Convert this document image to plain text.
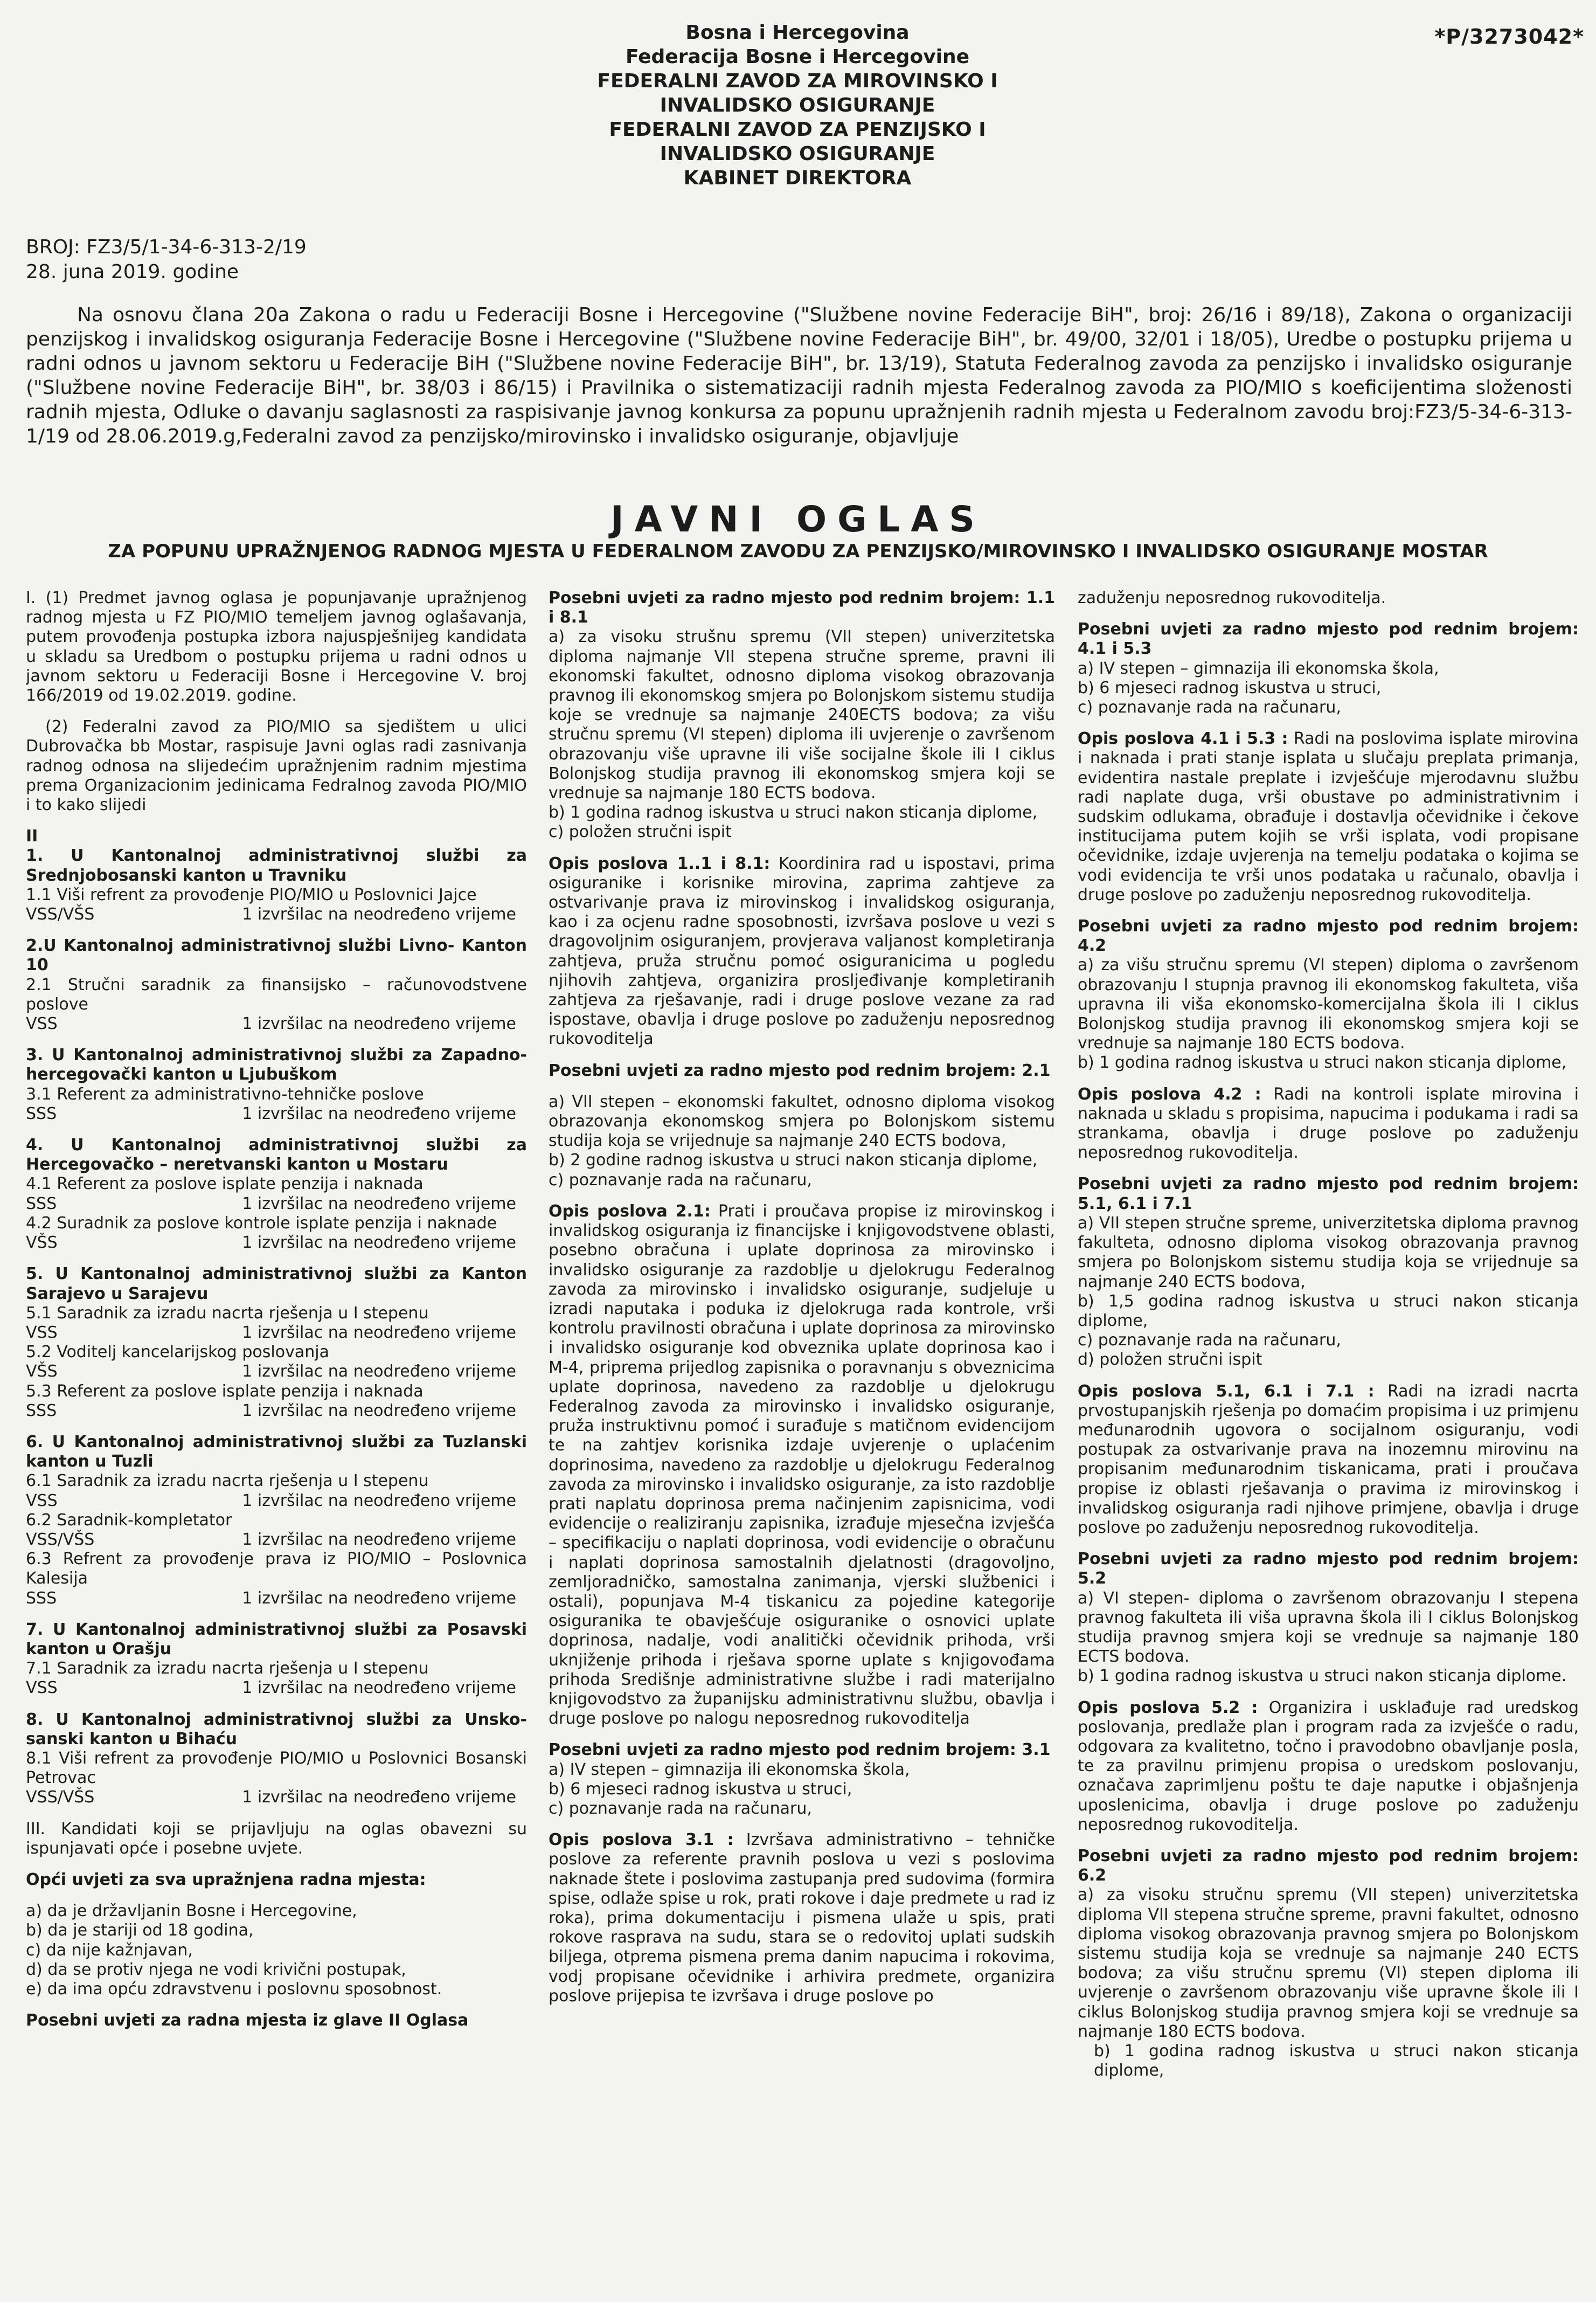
Bosna i Hercegovina
Federacija Bosne i Hercegovine
FEDERALNI ZAVOD ZA MIROVINSKO I
INVALIDSKO OSIGURANJE
FEDERALNI ZAVOD ZA PENZIJSKO I
INVALIDSKO OSIGURANJE
KABINET DIREKTORA
*P/3273042*
BROJ: FZ3/5/1-34-6-313-2/19
28. juna 2019. godine
Na osnovu člana 20a Zakona o radu u Federaciji Bosne i Hercegovine ("Službene novine Federacije BiH", broj: 26/16 i 89/18), Zakona o organizaciji penzijskog i invalidskog osiguranja Federacije Bosne i Hercegovine ("Službene novine Federacije BiH", br. 49/00, 32/01 i 18/05), Uredbe o postupku prijema u radni odnos u javnom sektoru u Federacije BiH ("Službene novine Federacije BiH", br. 13/19), Statuta Federalnog zavoda za penzijsko i invalidsko osiguranje ("Službene novine Federacije BiH", br. 38/03 i 86/15) i Pravilnika o sistematizaciji radnih mjesta Federalnog zavoda za PIO/MIO s koeficijentima složenosti radnih mjesta, Odluke o davanju saglasnosti za raspisivanje javnog konkursa za popunu upražnjenih radnih mjesta u Federalnom zavodu broj:FZ3/5-34-6-313-1/19 od 28.06.2019.g,Federalni zavod za penzijsko/mirovinsko i invalidsko osiguranje, objavljuje
JAVNI OGLAS
ZA POPUNU UPRAŽNJENOG RADNOG MJESTA U FEDERALNOM ZAVODU ZA PENZIJSKO/MIROVINSKO I INVALIDSKO OSIGURANJE MOSTAR

I. (1) Predmet javnog oglasa je popunjavanje upražnjenog radnog mjesta u FZ PIO/MIO temeljem javnog oglašavanja, putem provođenja postupka izbora najuspješnijeg kandidata u skladu sa Uredbom o postupku prijema u radni odnos u javnom sektoru u Federaciji Bosne i Hercegovine V. broj 166/2019 od 19.02.2019. godine.

(2) Federalni zavod za PIO/MIO sa sjedištem u ulici Dubrovačka bb Mostar, raspisuje Javni oglas radi zasnivanja radnog odnosa na slijedećim upražnjenim radnim mjestima prema Organizacionim jedinicama Fedralnog zavoda PIO/MIO i to kako slijedi

II

1. U Kantonalnoj administrativnoj službi za Srednjobosanski kanton u Travniku

1.1 Viši refrent za provođenje PIO/MIO u Poslovnici Jajce

VSS/VŠS	1 izvršilac na neodređeno vrijeme

2.U Kantonalnoj administrativnoj službi Livno- Kanton 10

2.1 Stručni saradnik za finansijsko – računovodstvene poslove

VSS	1 izvršilac na neodređeno vrijeme

3. U Kantonalnoj administrativnoj službi za Zapadno-hercegovački kanton u Ljubuškom

3.1 Referent za administrativno-tehničke poslove

SSS	1 izvršilac na neodređeno vrijeme

4. U Kantonalnoj administrativnoj službi za Hercegovačko – neretvanski kanton u Mostaru

4.1 Referent za poslove isplate penzija i naknada

SSS	1 izvršilac na neodređeno vrijeme

4.2 Suradnik za poslove kontrole isplate penzija i naknade

VŠS	1 izvršilac na neodređeno vrijeme

5. U Kantonalnoj administrativnoj službi za Kanton Sarajevo u Sarajevu

5.1 Saradnik za izradu nacrta rješenja u I stepenu

VSS	1 izvršilac na neodređeno vrijeme

5.2 Voditelj kancelarijskog poslovanja

VŠS	1 izvršilac na neodređeno vrijeme

5.3 Referent za poslove isplate penzija i naknada

SSS	1 izvršilac na neodređeno vrijeme

6. U Kantonalnoj administrativnoj službi za Tuzlanski kanton u Tuzli

6.1 Saradnik za izradu nacrta rješenja u I stepenu

VSS	1 izvršilac na neodređeno vrijeme

6.2 Saradnik-kompletator

VSS/VŠS	1 izvršilac na neodređeno vrijeme

6.3 Refrent za provođenje prava iz PIO/MIO – Poslovnica Kalesija

SSS	1 izvršilac na neodređeno vrijeme

7. U Kantonalnoj administrativnoj službi za Posavski kanton u Orašju

7.1 Saradnik za izradu nacrta rješenja u I stepenu

VSS	1 izvršilac na neodređeno vrijeme

8. U Kantonalnoj administrativnoj službi za Unsko-sanski kanton u Bihaću

8.1 Viši refrent za provođenje PIO/MIO u Poslovnici Bosanski Petrovac

VSS/VŠS	1 izvršilac na neodređeno vrijeme

III. Kandidati koji se prijavljuju na oglas obavezni su ispunjavati opće i posebne uvjete.

Opći uvjeti za sva upražnjena radna mjesta:

a) da je državljanin Bosne i Hercegovine,

b) da je stariji od 18 godina,

c) da nije kažnjavan,

d) da se protiv njega ne vodi krivični postupak,

e) da ima opću zdravstvenu i poslovnu sposobnost.

Posebni uvjeti za radna mjesta iz glave II Oglasa

Posebni uvjeti za radno mjesto pod rednim brojem: 1.1 i 8.1

a) za visoku strušnu spremu (VII stepen) univerzitetska diploma najmanje VII stepena stručne spreme, pravni ili ekonomski fakultet, odnosno diploma visokog obrazovanja pravnog ili ekonomskog smjera po Bolonjskom sistemu studija koje se vrednuje sa najmanje 240ECTS bodova; za višu stručnu spremu (VI stepen) diploma ili uvjerenje o završenom obrazovanju više upravne ili više socijalne škole ili I ciklus Bolonjskog studija pravnog ili ekonomskog smjera koji se vrednuje sa najmanje 180 ECTS bodova.

b) 1 godina radnog iskustva u struci nakon sticanja diplome,

c) položen stručni ispit

Opis poslova 1..1 i 8.1: Koordinira rad u ispostavi, prima osiguranike i korisnike mirovina, zaprima zahtjeve za ostvarivanje prava iz mirovinskog i invalidskog osiguranja, kao i za ocjenu radne sposobnosti, izvršava poslove u vezi s dragovoljnim osiguranjem, provjerava valjanost kompletiranja zahtjeva, pruža stručnu pomoć osiguranicima u pogledu njihovih zahtjeva, organizira prosljeđivanje kompletiranih zahtjeva za rješavanje, radi i druge poslove vezane za rad ispostave, obavlja i druge poslove po zaduženju neposrednog rukovoditelja

Posebni uvjeti za radno mjesto pod rednim brojem: 2.1

a) VII stepen – ekonomski fakultet, odnosno diploma visokog obrazovanja ekonomskog smjera po Bolonjskom sistemu studija koja se vrijednuje sa najmanje 240 ECTS bodova,

b) 2 godine radnog iskustva u struci nakon sticanja diplome,

c) poznavanje rada na računaru,

Opis poslova 2.1: Prati i proučava propise iz mirovinskog i invalidskog osiguranja iz financijske i knjigovodstvene oblasti, posebno obračuna i uplate doprinosa za mirovinsko i invalidsko osiguranje za razdoblje u djelokrugu Federalnog zavoda za mirovinsko i invalidsko osiguranje, sudjeluje u izradi naputaka i poduka iz djelokruga rada kontrole, vrši kontrolu pravilnosti obračuna i uplate doprinosa za mirovinsko i invalidsko osiguranje kod obveznika uplate doprinosa kao i M-4, priprema prijedlog zapisnika o poravnanju s obveznicima uplate doprinosa, navedeno za razdoblje u djelokrugu Federalnog zavoda za mirovinsko i invalidsko osiguranje, pruža instruktivnu pomoć i surađuje s matičnom evidencijom te na zahtjev korisnika izdaje uvjerenje o uplaćenim doprinosima, navedeno za razdoblje u djelokrugu Federalnog zavoda za mirovinsko i invalidsko osiguranje, za isto razdoblje prati naplatu doprinosa prema načinjenim zapisnicima, vodi evidencije o realiziranju zapisnika, izrađuje mjesečna izvješća – specifikaciju o naplati doprinosa, vodi evidencije o obračunu i naplati doprinosa samostalnih djelatnosti (dragovoljno, zemljoradničko, samostalna zanimanja, vjerski službenici i ostali), popunjava M-4 tiskanicu za pojedine kategorije osiguranika te obavješćuje osiguranike o osnovici uplate doprinosa, nadalje, vodi analitički očevidnik prihoda, vrši uknjiženje prihoda i rješava sporne uplate s knjigovođama prihoda Središnje administrativne službe i radi materijalno knjigovodstvo za županijsku administrativnu službu, obavlja i druge poslove po nalogu neposrednog rukovoditelja

Posebni uvjeti za radno mjesto pod rednim brojem: 3.1

a) IV stepen – gimnazija ili ekonomska škola,

b) 6 mjeseci radnog iskustva u struci,

c) poznavanje rada na računaru,

Opis poslova 3.1 : Izvršava administrativno – tehničke poslove za referente pravnih poslova u vezi s poslovima naknade štete i poslovima zastupanja pred sudovima (formira spise, odlaže spise u rok, prati rokove i daje predmete u rad iz roka), prima dokumentaciju i pismena ulaže u spis, prati rokove rasprava na sudu, stara se o redovitoj uplati sudskih biljega, otprema pismena prema danim napucima i rokovima, vodj propisane očevidnike i arhivira predmete, organizira poslove prijepisa te izvršava i druge poslove po

zaduženju neposrednog rukovoditelja.

Posebni uvjeti za radno mjesto pod rednim brojem: 4.1 i 5.3

a) IV stepen – gimnazija ili ekonomska škola,

b) 6 mjeseci radnog iskustva u struci,

c) poznavanje rada na računaru,

Opis poslova 4.1 i 5.3 : Radi na poslovima isplate mirovina i naknada i prati stanje isplata u slučaju preplata primanja, evidentira nastale preplate i izvješćuje mjerodavnu službu radi naplate duga, vrši obustave po administrativnim i sudskim odlukama, obrađuje i dostavlja očevidnike i čekove institucijama putem kojih se vrši isplata, vodi propisane očevidnike, izdaje uvjerenja na temelju podataka o kojima se vodi evidencija te vrši unos podataka u računalo, obavlja i druge poslove po zaduženju neposrednog rukovoditelja.

Posebni uvjeti za radno mjesto pod rednim brojem: 4.2

a) za višu stručnu spremu (VI stepen) diploma o završenom obrazovanju I stupnja pravnog ili ekonomskog fakulteta, viša upravna ili viša ekonomsko-komercijalna škola ili I ciklus Bolonjskog studija pravnog ili ekonomskog smjera koji se vrednuje sa najmanje 180 ECTS bodova.

b) 1 godina radnog iskustva u struci nakon sticanja diplome,

Opis poslova 4.2 : Radi na kontroli isplate mirovina i naknada u skladu s propisima, napucima i podukama i radi sa strankama, obavlja i druge poslove po zaduženju neposrednog rukovoditelja.

Posebni uvjeti za radno mjesto pod rednim brojem: 5.1, 6.1 i 7.1

a) VII stepen stručne spreme, univerzitetska diploma pravnog fakulteta, odnosno diploma visokog obrazovanja pravnog smjera po Bolonjskom sistemu studija koja se vrijednuje sa najmanje 240 ECTS bodova,

b) 1,5 godina radnog iskustva u struci nakon sticanja diplome,

c) poznavanje rada na računaru,

d) položen stručni ispit

Opis poslova 5.1, 6.1 i 7.1 : Radi na izradi nacrta prvostupanjskih rješenja po domaćim propisima i uz primjenu međunarodnih ugovora o socijalnom osiguranju, vodi postupak za ostvarivanje prava na inozemnu mirovinu na propisanim međunarodnim tiskanicama, prati i proučava propise iz oblasti rješavanja o pravima iz mirovinskog i invalidskog osiguranja radi njihove primjene, obavlja i druge poslove po zaduženju neposrednog rukovoditelja.

Posebni uvjeti za radno mjesto pod rednim brojem: 5.2

a) VI stepen- diploma o završenom obrazovanju I stepena pravnog fakulteta ili viša upravna škola ili I ciklus Bolonjskog studija pravnog smjera koji se vrednuje sa najmanje 180 ECTS bodova.

b) 1 godina radnog iskustva u struci nakon sticanja diplome.

Opis poslova 5.2 : Organizira i usklađuje rad uredskog poslovanja, predlaže plan i program rada za izvješće o radu, odgovara za kvalitetno, točno i pravodobno obavljanje posla, te za pravilnu primjenu propisa o uredskom poslovanju, označava zaprimljenu poštu te daje naputke i objašnjenja uposlenicima, obavlja i druge poslove po zaduženju neposrednog rukovoditelja.

Posebni uvjeti za radno mjesto pod rednim brojem: 6.2

a) za visoku stručnu spremu (VII stepen) univerzitetska diploma VII stepena stručne spreme, pravni fakultet, odnosno diploma visokog obrazovanja pravnog smjera po Bolonjskom sistemu studija koja se vrednuje sa najmanje 240 ECTS bodova; za višu stručnu spremu (VI) stepen diploma ili uvjerenje o završenom obrazovanju više upravne škole ili I ciklus Bolonjskog studija pravnog smjera koji se vrednuje sa najmanje 180 ECTS bodova.

b) 1 godina radnog iskustva u struci nakon sticanja diplome,
